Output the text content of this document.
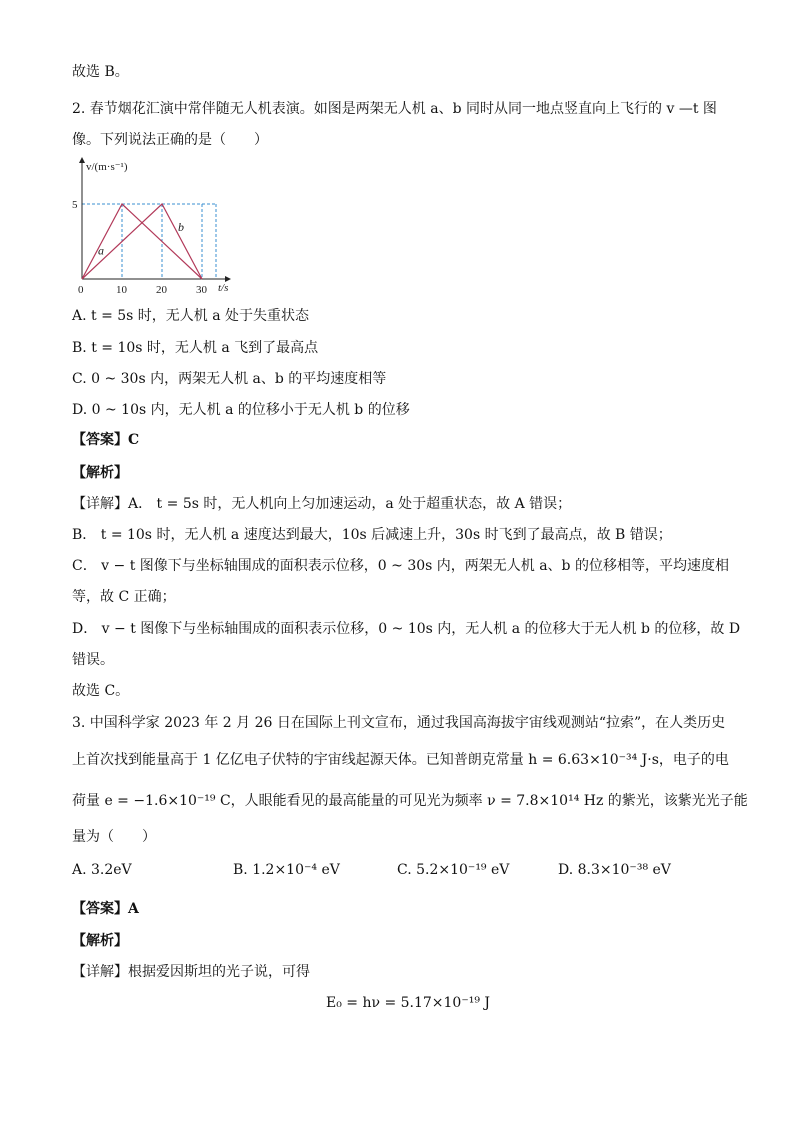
故选 B。
2. 春节烟花汇演中常伴随无人机表演。如图是两架无人机 a、b 同时从同一地点竖直向上飞行的 v —t 图
像。下列说法正确的是（　　）
a
b
v/(m·s⁻¹)
t/s
0	10	20	30
5
A. t = 5s 时，无人机 a 处于失重状态
B. t = 10s 时，无人机 a 飞到了最高点
C. 0 ~ 30s 内，两架无人机 a、b 的平均速度相等
D. 0 ~ 10s 内，无人机 a 的位移小于无人机 b 的位移
【答案】C
【解析】
【详解】A． t = 5s 时，无人机向上匀加速运动，a 处于超重状态，故 A 错误；
B． t = 10s 时，无人机 a 速度达到最大，10s 后减速上升，30s 时飞到了最高点，故 B 错误；
C． v − t 图像下与坐标轴围成的面积表示位移，0 ~ 30s 内，两架无人机 a、b 的位移相等，平均速度相
等，故 C 正确；
D． v − t 图像下与坐标轴围成的面积表示位移，0 ~ 10s 内，无人机 a 的位移大于无人机 b 的位移，故 D
错误。
故选 C。
3. 中国科学家 2023 年 2 月 26 日在国际上刊文宣布，通过我国高海拔宇宙线观测站“拉索”，在人类历史
上首次找到能量高于 1 亿亿电子伏特的宇宙线起源天体。已知普朗克常量 h = 6.63×10⁻³⁴ J·s，电子的电
荷量 e = −1.6×10⁻¹⁹ C，人眼能看见的最高能量的可见光为频率 ν = 7.8×10¹⁴ Hz 的紫光，该紫光光子能
量为（　　）
A. 3.2eV	B. 1.2×10⁻⁴ eV	C. 5.2×10⁻¹⁹ eV	D. 8.3×10⁻³⁸ eV
【答案】A
【解析】
【详解】根据爱因斯坦的光子说，可得
E₀ = hν = 5.17×10⁻¹⁹ J
